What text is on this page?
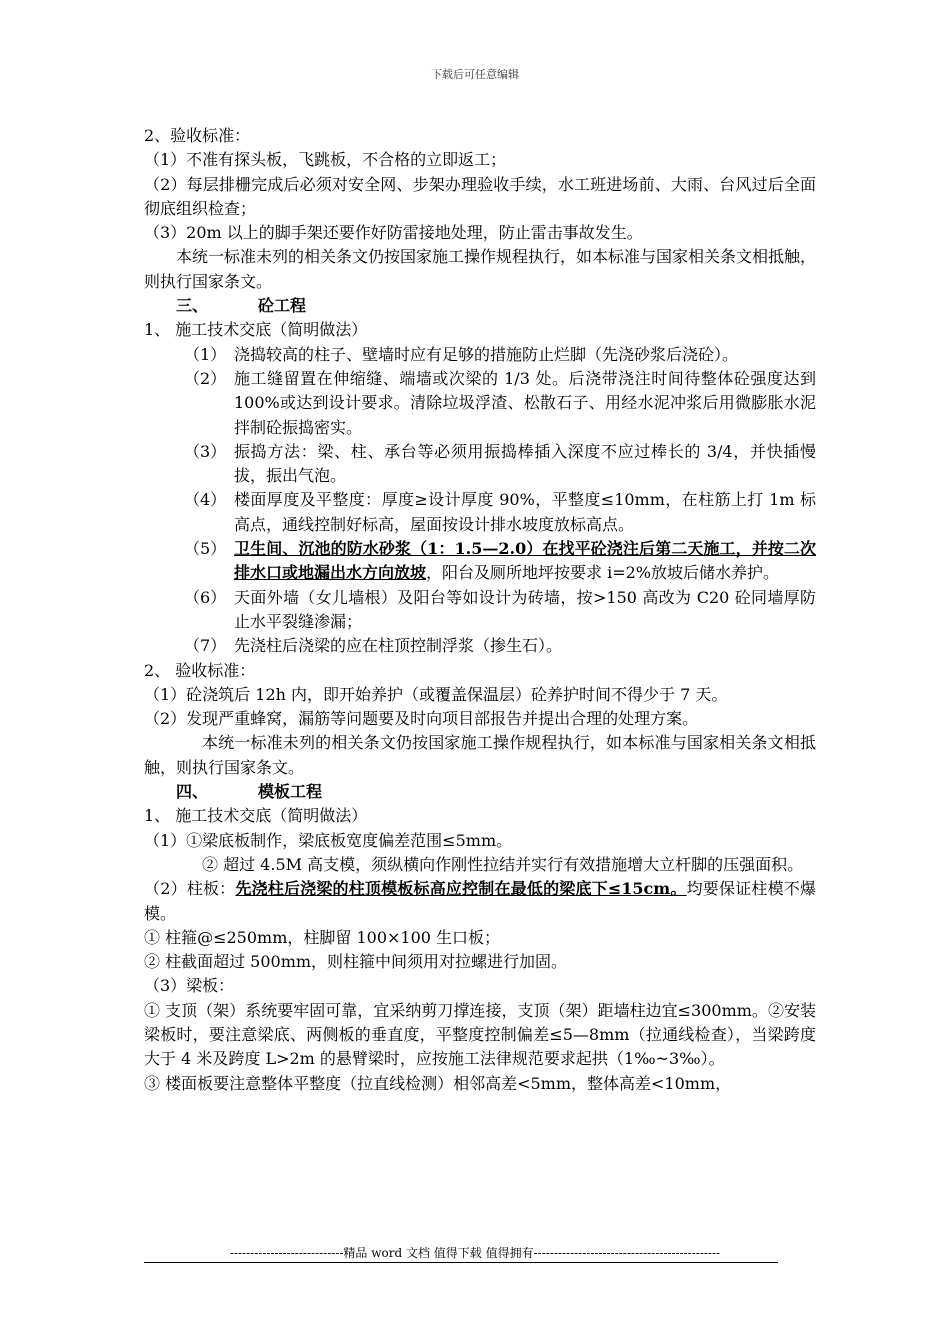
下载后可任意编辑

2、验收标准：

（1）不准有探头板，飞跳板，不合格的立即返工；

（2）每层排栅完成后必须对安全网、步架办理验收手续，水工班进场前、大雨、台风过后全面彻底组织检查；

（3）20m 以上的脚手架还要作好防雷接地处理，防止雷击事故发生。

本统一标准未列的相关条文仍按国家施工操作规程执行，如本标准与国家相关条文相抵触，则执行国家条文。

三、	砼工程

1、 施工技术交底（简明做法）

（1） 浇捣较高的柱子、壁墙时应有足够的措施防止烂脚（先浇砂浆后浇砼）。
（2） 施工缝留置在伸缩缝、端墙或次梁的 1/3 处。后浇带浇注时间待整体砼强度达到 100%或达到设计要求。清除垃圾浮渣、松散石子、用经水泥冲浆后用微膨胀水泥拌制砼振捣密实。
（3） 振捣方法：梁、柱、承台等必须用振捣棒插入深度不应过棒长的 3/4，并快插慢拔，振出气泡。
（4） 楼面厚度及平整度：厚度≥设计厚度 90%，平整度≤10mm，在柱筋上打 1m 标高点，通线控制好标高，屋面按设计排水坡度放标高点。
（5） 卫生间、沉池的防水砂浆（1：1.5—2.0）在找平砼浇注后第二天施工，并按二次排水口或地漏出水方向放坡，阳台及厕所地坪按要求 i=2%放坡后储水养护。
（6） 天面外墙（女儿墙根）及阳台等如设计为砖墙，按>150 高改为 C20 砼同墙厚防止水平裂缝渗漏；
（7） 先浇柱后浇梁的应在柱顶控制浮浆（掺生石）。

2、 验收标准：

（1）砼浇筑后 12h 内，即开始养护（或覆盖保温层）砼养护时间不得少于 7 天。

（2）发现严重蜂窝，漏筋等问题要及时向项目部报告并提出合理的处理方案。

本统一标准未列的相关条文仍按国家施工操作规程执行，如本标准与国家相关条文相抵触，则执行国家条文。

四、	模板工程

1、 施工技术交底（简明做法）

（1）①梁底板制作，梁底板宽度偏差范围≤5mm。

② 超过 4.5M 高支模，须纵横向作刚性拉结并实行有效措施增大立杆脚的压强面积。

（2）柱板：先浇柱后浇梁的柱顶模板标高应控制在最低的梁底下≤15cm。均要保证柱模不爆模。

① 柱箍@≤250mm，柱脚留 100×100 生口板；

② 柱截面超过 500mm，则柱箍中间须用对拉螺进行加固。

（3）梁板：

① 支顶（架）系统要牢固可靠，宜采纳剪刀撑连接，支顶（架）距墙柱边宜≤300mm。②安装梁板时，要注意梁底、两侧板的垂直度，平整度控制偏差≤5—8mm（拉通线检查），当梁跨度大于 4 米及跨度 L>2m 的悬臂梁时，应按施工法律规范要求起拱（1‰~3‰）。

③ 楼面板要注意整体平整度（拉直线检测）相邻高差<5mm，整体高差<10mm，

----------------------------精品 word 文档 值得下载 值得拥有----------------------------------------------
